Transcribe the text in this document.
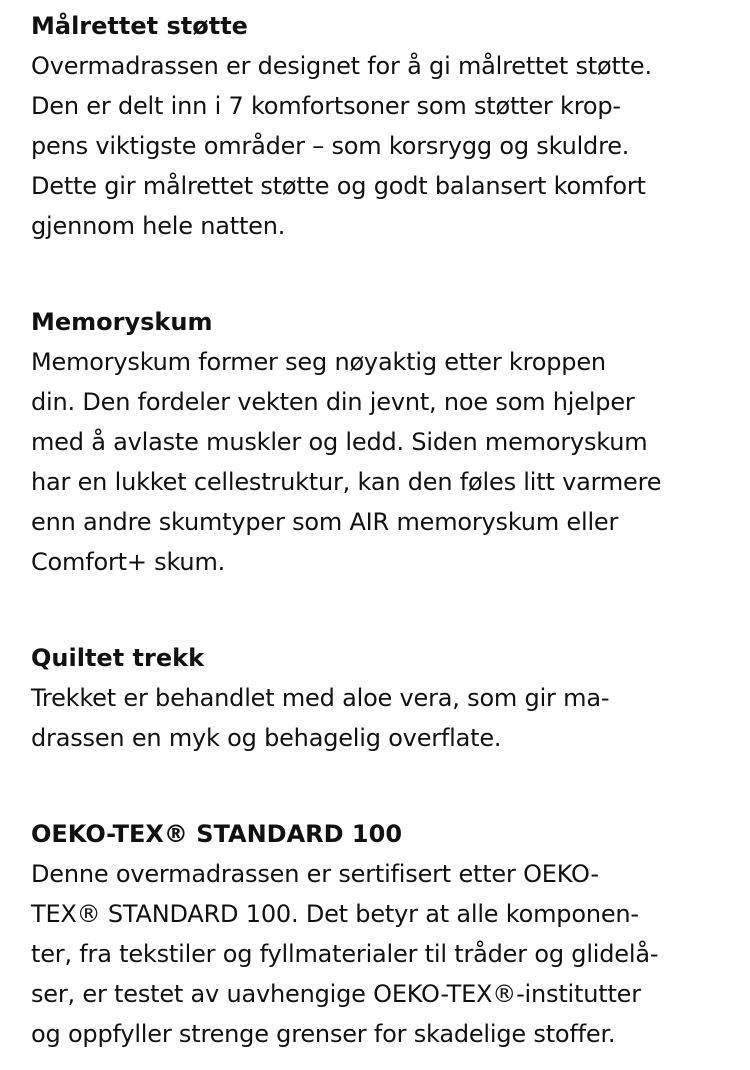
Målrettet støtte
Overmadrassen er designet for å gi målrettet støtte.
Den er delt inn i 7 komfortsoner som støtter krop-
pens viktigste områder – som korsrygg og skuldre.
Dette gir målrettet støtte og godt balansert komfort
gjennom hele natten.
Memoryskum
Memoryskum former seg nøyaktig etter kroppen
din. Den fordeler vekten din jevnt, noe som hjelper
med å avlaste muskler og ledd. Siden memoryskum
har en lukket cellestruktur, kan den føles litt varmere
enn andre skumtyper som AIR memoryskum eller
Comfort+ skum.
Quiltet trekk
Trekket er behandlet med aloe vera, som gir ma-
drassen en myk og behagelig overflate.
OEKO-TEX® STANDARD 100
Denne overmadrassen er sertifisert etter OEKO-
TEX® STANDARD 100. Det betyr at alle komponen-
ter, fra tekstiler og fyllmaterialer til tråder og glidelå-
ser, er testet av uavhengige OEKO-TEX®-institutter
og oppfyller strenge grenser for skadelige stoffer.
